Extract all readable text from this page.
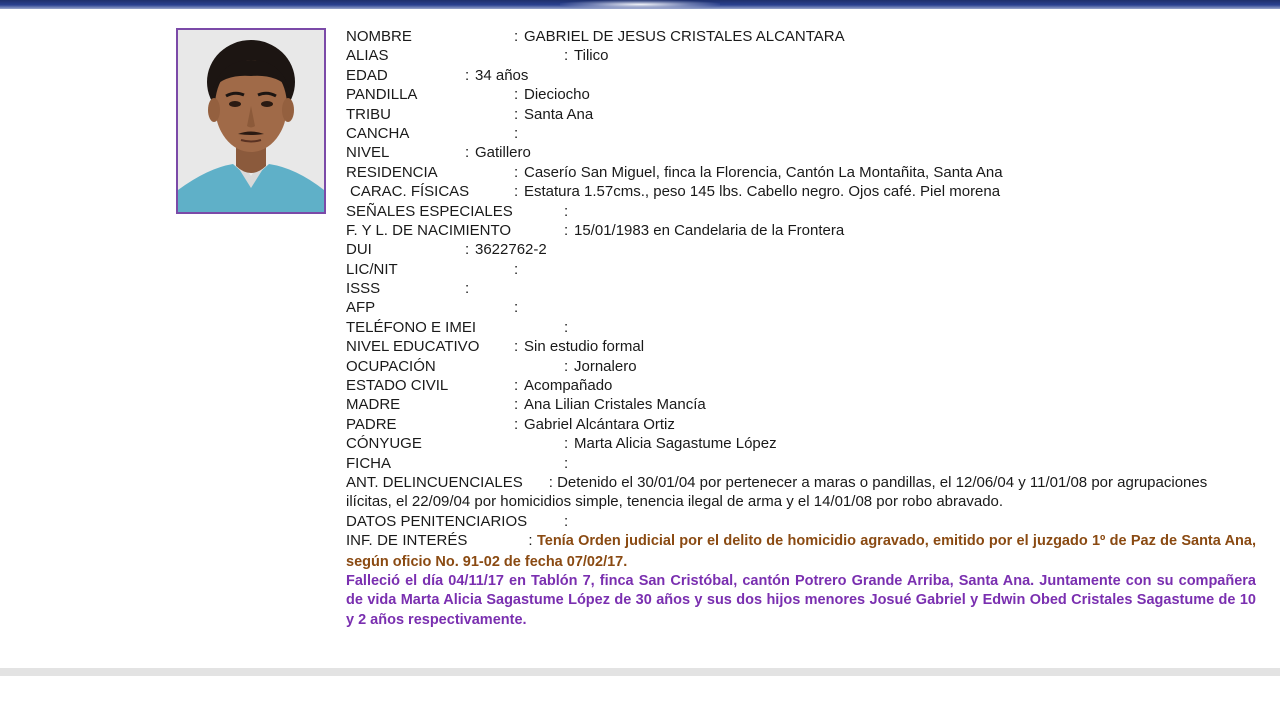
NOMBRE	: GABRIEL DE JESUS CRISTALES ALCANTARA
ALIAS	: Tilico
EDAD	: 34 años
PANDILLA	: Dieciocho
TRIBU	: Santa Ana
CANCHA	:
NIVEL	: Gatillero
RESIDENCIA	: Caserío San Miguel, finca la Florencia, Cantón La Montañita, Santa Ana
CARAC. FÍSICAS	: Estatura 1.57cms., peso 145 lbs. Cabello negro. Ojos café. Piel morena
SEÑALES ESPECIALES	:
F. Y L. DE NACIMIENTO	: 15/01/1983 en Candelaria de la Frontera
DUI	: 3622762-2
LIC/NIT	:
ISSS	:
AFP	:
TELÉFONO E IMEI	:
NIVEL EDUCATIVO : Sin estudio formal
OCUPACIÓN	: Jornalero
ESTADO CIVIL	: Acompañado
MADRE	: Ana Lilian Cristales Mancía
PADRE	: Gabriel Alcántara Ortiz
CÓNYUGE	: Marta Alicia Sagastume López
FICHA	:

ANT. DELINCUENCIALES : Detenido el 30/01/04 por pertenecer a maras o pandillas, el 12/06/04 y 11/01/08 por agrupaciones ilícitas, el 22/09/04 por homicidios simple, tenencia ilegal de arma y el 14/01/08 por robo abravado.

DATOS PENITENCIARIOS :

INF. DE INTERÉS	: Tenía Orden judicial por el delito de homicidio agravado, emitido por el juzgado 1º de Paz de Santa Ana, según oficio No. 91-02 de fecha 07/02/17.

Falleció el día 04/11/17 en Tablón 7, finca San Cristóbal, cantón Potrero Grande Arriba, Santa Ana. Juntamente con su compañera de vida Marta Alicia Sagastume López de 30 años y sus dos hijos menores Josué Gabriel y Edwin Obed Cristales Sagastume de 10 y 2 años respectivamente.
